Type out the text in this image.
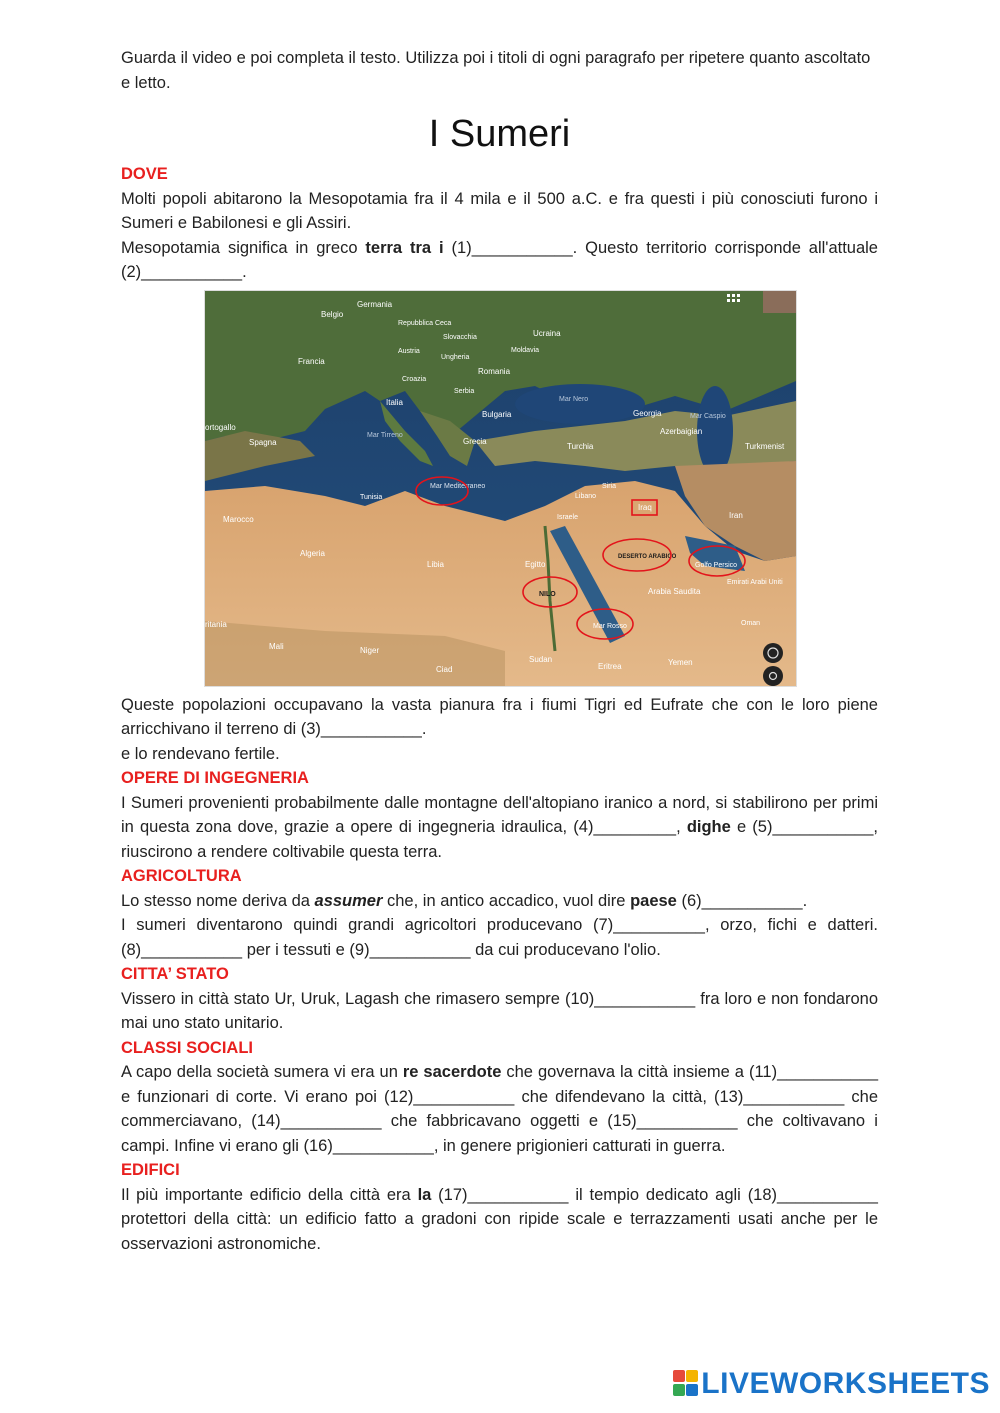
Guarda il video e poi completa il testo. Utilizza poi i titoli di ogni paragrafo per ripetere quanto ascoltato e letto.

I Sumeri
DOVE

Molti popoli abitarono la Mesopotamia fra il 4 mila e il 500 a.C. e fra questi i più conosciuti furono i Sumeri e Babilonesi e gli Assiri.

Mesopotamia significa in greco terra tra i (1)___________. Questo territorio corrisponde all'attuale (2)___________.

Germania
Belgio
Repubblica Ceca
Slovacchia	Ucraina
Moldavia
Austria
Ungheria
Francia
Romania
Croazia
Serbia
Italia
Bulgaria
Mar Nero
Georgia	Mar Caspio
Azerbaigian
ortogallo
Spagna
Mar Tirreno
Grecia
Turchia	Turkmenist
Tunisia
Mar Mediterraneo	Siria
Libano
Israele
Iraq
Iran
Marocco
Algeria
Libia	Egitto
DESERTO ARABICO
Golfo Persico
Emirati Arabi Uniti
NILO	Arabia Saudita
ritania	Mar Rosso	Oman
Mali	Niger
Sudan
Eritrea	Yemen
Ciad

Queste popolazioni occupavano la vasta pianura fra i fiumi Tigri ed Eufrate che con le loro piene arricchivano il terreno di (3)___________.
e lo rendevano fertile.

OPERE DI INGEGNERIA

I Sumeri provenienti probabilmente dalle montagne dell'altopiano iranico a nord, si stabilirono per primi in questa zona dove, grazie a opere di ingegneria idraulica, (4)_________, dighe e (5)___________, riuscirono a rendere coltivabile questa terra.

AGRICOLTURA

Lo stesso nome deriva da assumer che, in antico accadico, vuol dire paese (6)___________.

I sumeri diventarono quindi grandi agricoltori producevano (7)__________, orzo, fichi e datteri. (8)___________ per i tessuti e (9)___________ da cui producevano l'olio.

CITTA’ STATO

Vissero in città stato Ur, Uruk, Lagash che rimasero sempre (10)___________ fra loro e non fondarono mai uno stato unitario.

CLASSI SOCIALI

A capo della società sumera vi era un re sacerdote che governava la città insieme a (11)___________ e funzionari di corte. Vi erano poi (12)___________ che difendevano la città, (13)___________ che commerciavano, (14)___________ che fabbricavano oggetti e (15)___________ che coltivavano i campi. Infine vi erano gli (16)___________, in genere prigionieri catturati in guerra.

EDIFICI

Il più importante edificio della città era la (17)___________ il tempio dedicato agli (18)___________ protettori della città: un edificio fatto a gradoni con ripide scale e terrazzamenti usati anche per le osservazioni astronomiche.

LIVEWORKSHEETS
